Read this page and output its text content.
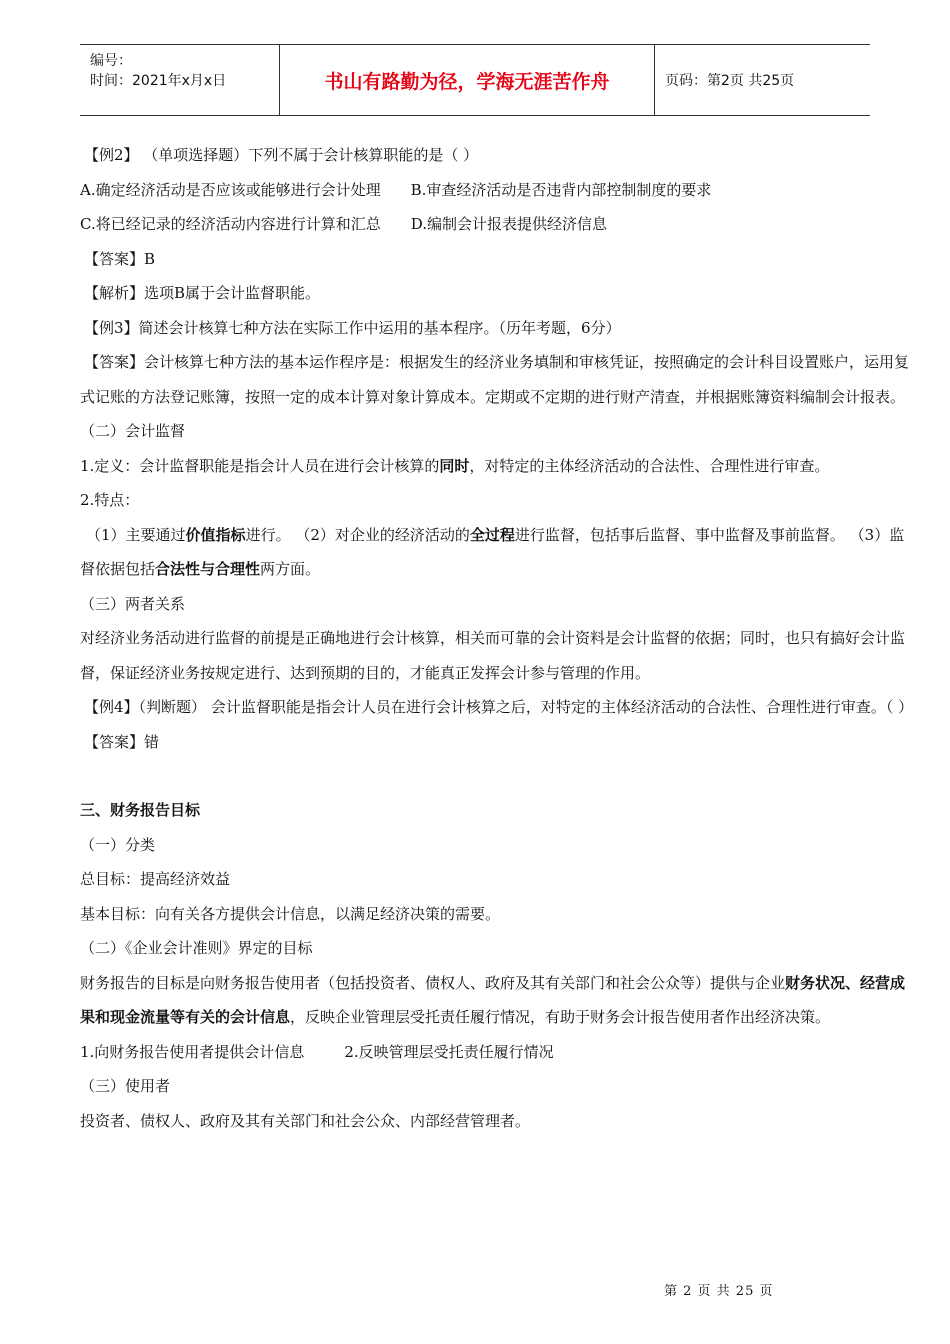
编号：
时间：2021年x月x日	书山有路勤为径，学海无涯苦作舟	页码：第2页 共25页

【例2】 （单项选择题）下列不属于会计核算职能的是（ ）

A.确定经济活动是否应该或能够进行会计处理 B.审查经济活动是否违背内部控制制度的要求

C.将已经记录的经济活动内容进行计算和汇总 D.编制会计报表提供经济信息

【答案】B

【解析】选项B属于会计监督职能。

【例3】简述会计核算七种方法在实际工作中运用的基本程序。（历年考题，6分）

【答案】会计核算七种方法的基本运作程序是：根据发生的经济业务填制和审核凭证，按照确定的会计科目设置账户，运用复式记账的方法登记账簿，按照一定的成本计算对象计算成本。定期或不定期的进行财产清查，并根据账簿资料编制会计报表。

（二）会计监督

1.定义：会计监督职能是指会计人员在进行会计核算的同时，对特定的主体经济活动的合法性、合理性进行审查。

2.特点：

（1）主要通过价值指标进行。 （2）对企业的经济活动的全过程进行监督，包括事后监督、事中监督及事前监督。 （3）监督依据包括合法性与合理性两方面。

（三）两者关系

对经济业务活动进行监督的前提是正确地进行会计核算，相关而可靠的会计资料是会计监督的依据；同时，也只有搞好会计监督，保证经济业务按规定进行、达到预期的目的，才能真正发挥会计参与管理的作用。

【例4】（判断题） 会计监督职能是指会计人员在进行会计核算之后，对特定的主体经济活动的合法性、合理性进行审查。（ ）

【答案】错

三、财务报告目标

（一）分类

总目标：提高经济效益

基本目标：向有关各方提供会计信息，以满足经济决策的需要。

（二）《企业会计准则》界定的目标

财务报告的目标是向财务报告使用者（包括投资者、债权人、政府及其有关部门和社会公众等）提供与企业财务状况、经营成果和现金流量等有关的会计信息，反映企业管理层受托责任履行情况，有助于财务会计报告使用者作出经济决策。

1.向财务报告使用者提供会计信息	2.反映管理层受托责任履行情况

（三）使用者

投资者、债权人、政府及其有关部门和社会公众、内部经营管理者。

第 2 页 共 25 页
